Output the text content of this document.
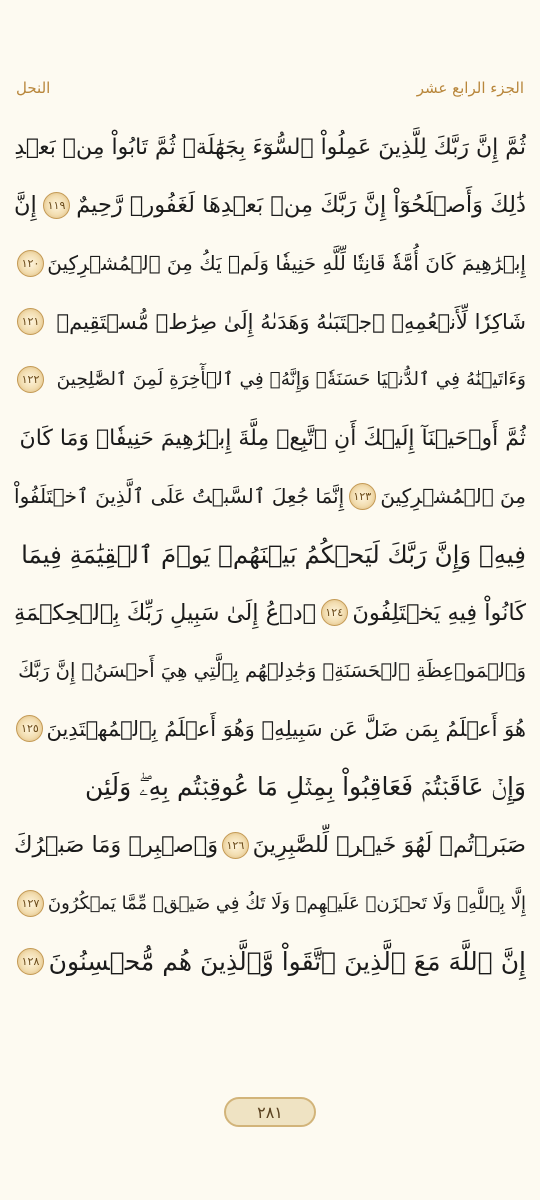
الجزء الرابع عشر
النحل
ثُمَّ إِنَّ رَبَّكَ لِلَّذِينَ عَمِلُواْ ٱلسُّوٓءَ بِجَهَٰلَةٖ ثُمَّ تَابُواْ مِنۢ بَعۡدِ
ذَٰلِكَ وَأَصۡلَحُوٓاْ إِنَّ رَبَّكَ مِنۢ بَعۡدِهَا لَغَفُورٞ رَّحِيمٌ
١١٩
إِنَّ
إِبۡرَٰهِيمَ كَانَ أُمَّةٗ قَانِتٗا لِّلَّهِ حَنِيفٗا وَلَمۡ يَكُ مِنَ ٱلۡمُشۡرِكِينَ
١٢٠
شَاكِرٗا لِّأَنۡعُمِهِۚ ٱجۡتَبَىٰهُ وَهَدَىٰهُ إِلَىٰ صِرَٰطٖ مُّسۡتَقِيمٖ
١٢١
وَءَاتَيۡنَٰهُ فِي ٱلدُّنۡيَا حَسَنَةٗۖ وَإِنَّهُۥ فِي ٱلۡأٓخِرَةِ لَمِنَ ٱلصَّٰلِحِينَ
١٢٢
ثُمَّ أَوۡحَيۡنَآ إِلَيۡكَ أَنِ ٱتَّبِعۡ مِلَّةَ إِبۡرَٰهِيمَ حَنِيفٗاۖ وَمَا كَانَ
مِنَ ٱلۡمُشۡرِكِينَ
١٢٣
إِنَّمَا جُعِلَ ٱلسَّبۡتُ عَلَى ٱلَّذِينَ ٱخۡتَلَفُواْ
فِيهِۚ وَإِنَّ رَبَّكَ لَيَحۡكُمُ بَيۡنَهُمۡ يَوۡمَ ٱلۡقِيَٰمَةِ فِيمَا
كَانُواْ فِيهِ يَخۡتَلِفُونَ
١٢٤
ٱدۡعُ إِلَىٰ سَبِيلِ رَبِّكَ بِٱلۡحِكۡمَةِ
وَٱلۡمَوۡعِظَةِ ٱلۡحَسَنَةِۖ وَجَٰدِلۡهُم بِٱلَّتِي هِيَ أَحۡسَنُۚ إِنَّ رَبَّكَ
هُوَ أَعۡلَمُ بِمَن ضَلَّ عَن سَبِيلِهِۦ وَهُوَ أَعۡلَمُ بِٱلۡمُهۡتَدِينَ
١٢٥
وَإِنۡ عَاقَبۡتُمۡ فَعَاقِبُواْ بِمِثۡلِ مَا عُوقِبۡتُم بِهِۦۖ وَلَئِن
صَبَرۡتُمۡ لَهُوَ خَيۡرٞ لِّلصَّٰبِرِينَ
١٢٦
وَٱصۡبِرۡ وَمَا صَبۡرُكَ
إِلَّا بِٱللَّهِۚ وَلَا تَحۡزَنۡ عَلَيۡهِمۡ وَلَا تَكُ فِي ضَيۡقٖ مِّمَّا يَمۡكُرُونَ
١٢٧
إِنَّ ٱللَّهَ مَعَ ٱلَّذِينَ ٱتَّقَواْ وَّٱلَّذِينَ هُم مُّحۡسِنُونَ
١٢٨
٢٨١
